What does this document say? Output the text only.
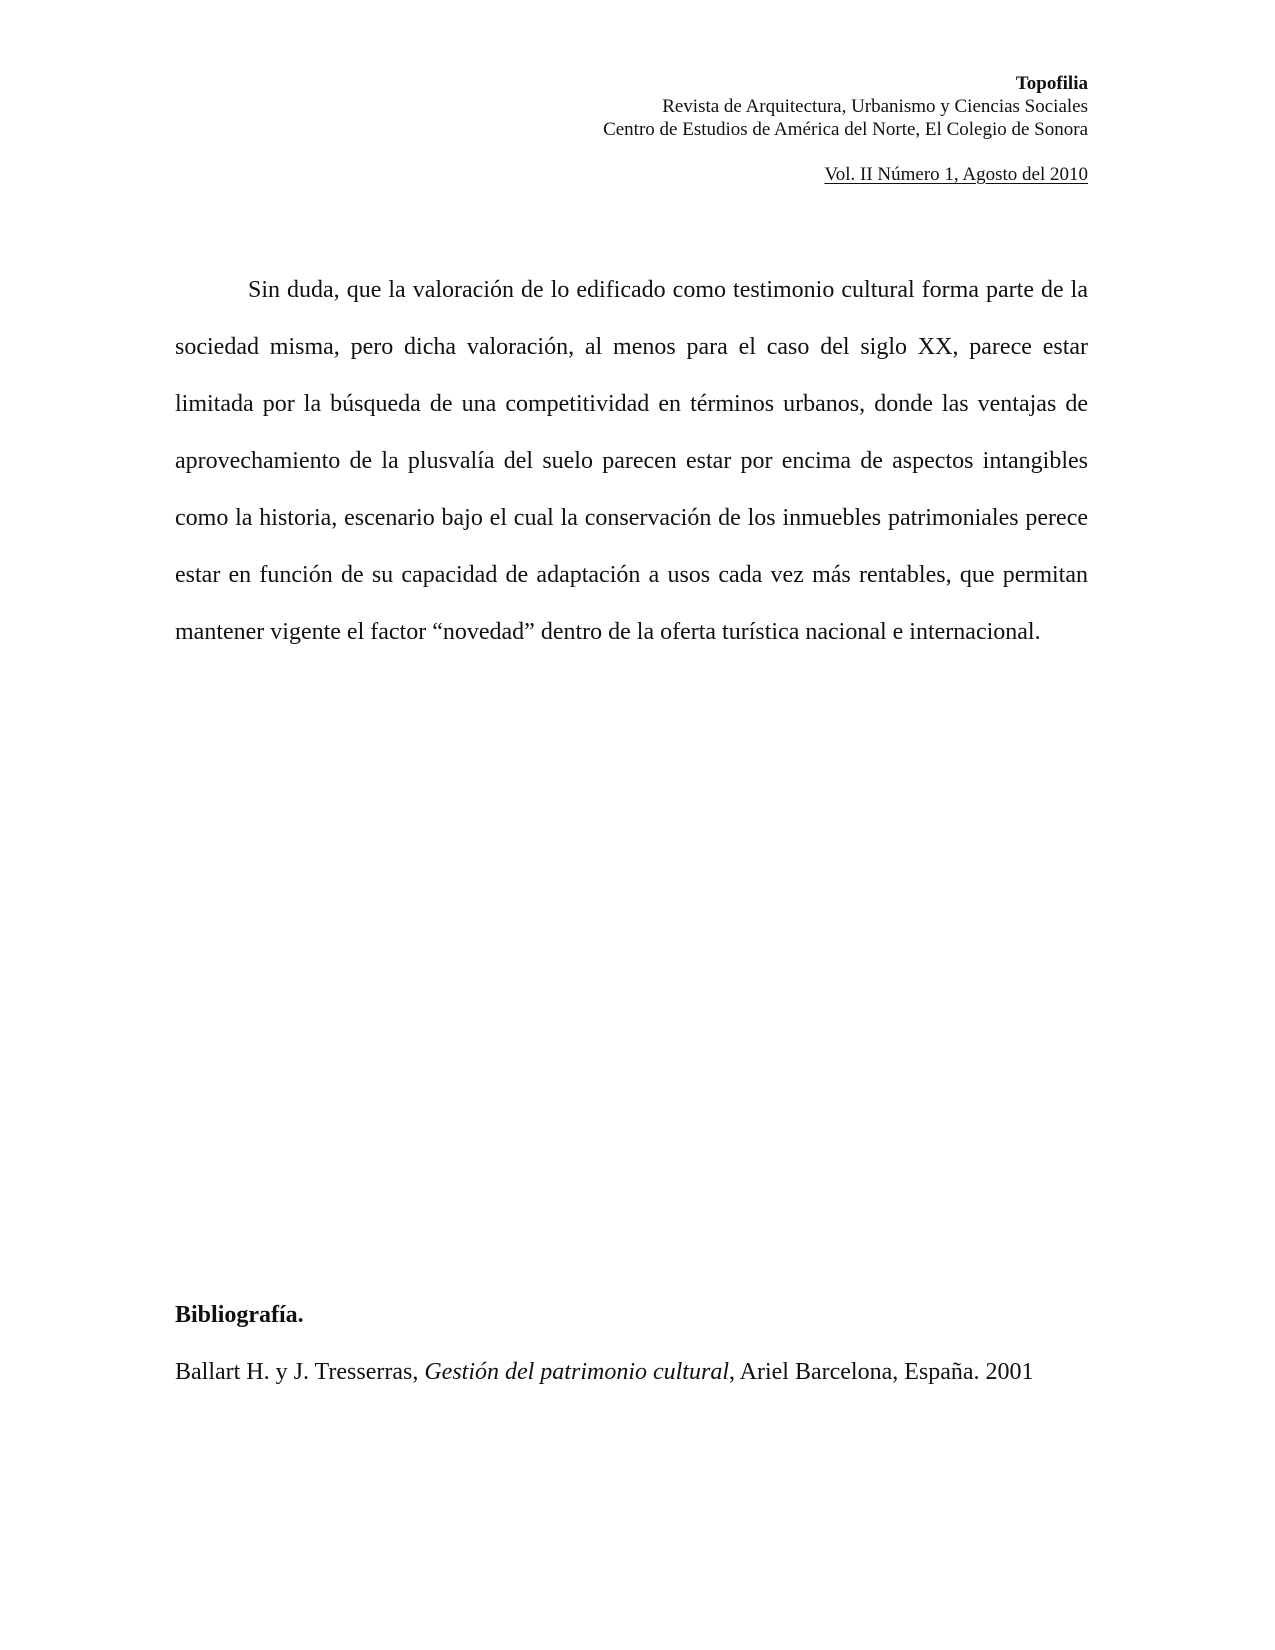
Topofilia
Revista de Arquitectura, Urbanismo y Ciencias Sociales
Centro de Estudios de América del Norte, El Colegio de Sonora
Vol. II Número 1, Agosto del 2010

Sin duda, que la valoración de lo edificado como testimonio cultural forma parte de la sociedad misma, pero dicha valoración, al menos para el caso del siglo XX, parece estar limitada por la búsqueda de una competitividad en términos urbanos, donde las ventajas de aprovechamiento de la plusvalía del suelo parecen estar por encima de aspectos intangibles como la historia, escenario bajo el cual la conservación de los inmuebles patrimoniales perece estar en función de su capacidad de adaptación a usos cada vez más rentables, que permitan mantener vigente el factor “novedad” dentro de la oferta turística nacional e internacional.

Bibliografía.

Ballart H. y J. Tresserras, Gestión del patrimonio cultural, Ariel Barcelona, España. 2001
